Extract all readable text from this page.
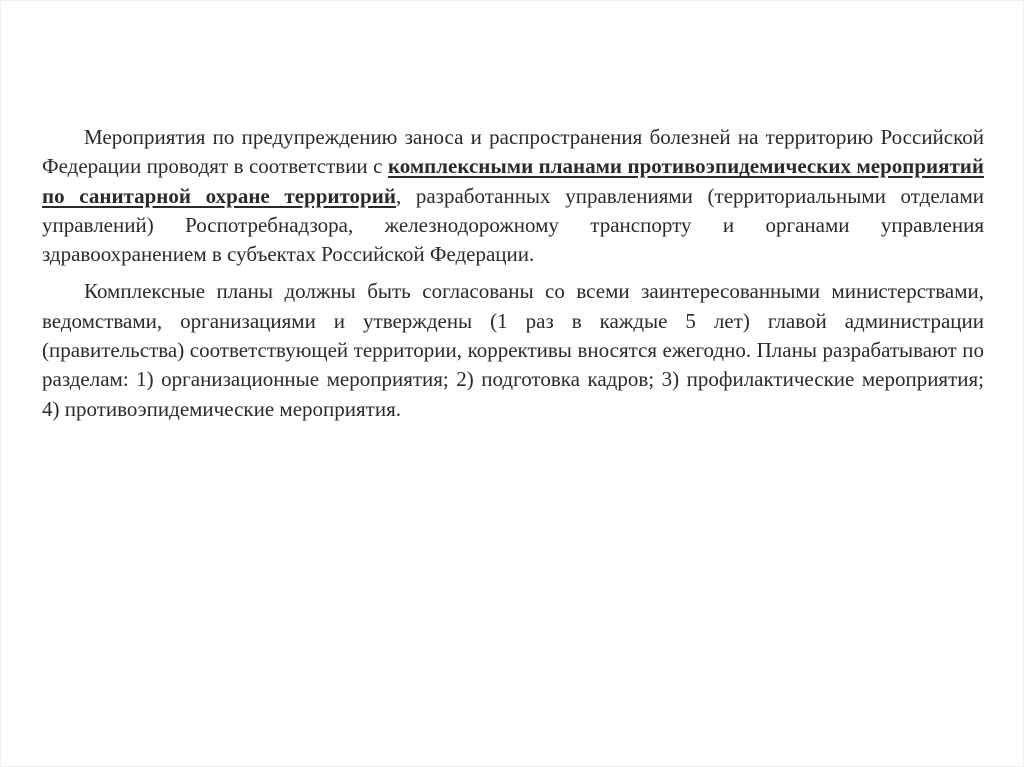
Мероприятия по предупреждению заноса и распространения болезней на территорию Российской Федерации проводят в соответствии с комплексными планами противоэпидемических мероприятий по санитарной охране территорий, разработанных управлениями (территориальными отделами управлений) Роспотребнадзора, железнодорожному транспорту и органами управления здравоохранением в субъектах Российской Федерации.

Комплексные планы должны быть согласованы со всеми заинтересованными министерствами, ведомствами, организациями и утверждены (1 раз в каждые 5 лет) главой администрации (правительства) соответствующей территории, коррективы вносятся ежегодно. Планы разрабатывают по разделам: 1) организационные мероприятия; 2) подготовка кадров; 3) профилактические мероприятия; 4) противоэпидемические мероприятия.
